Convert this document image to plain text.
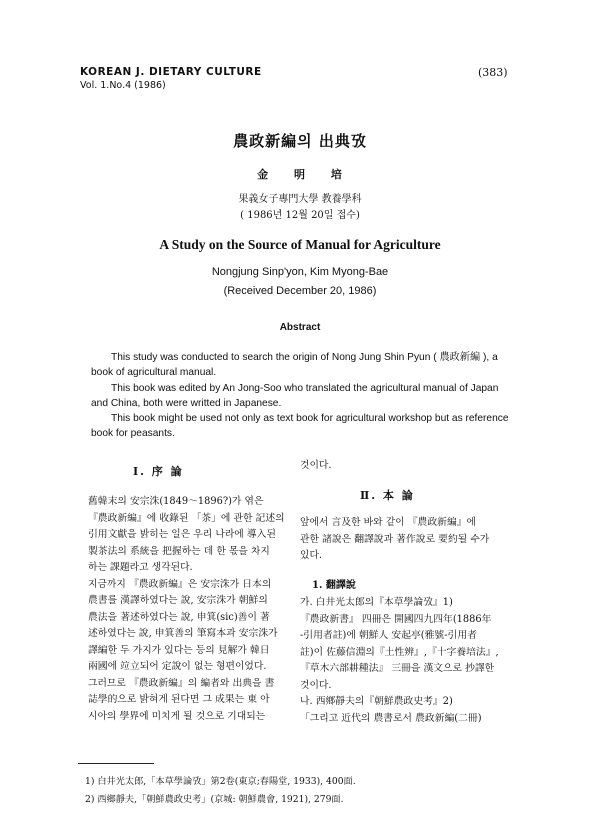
KOREAN J. DIETARY CULTURE
Vol. 1.No.4 (1986)
(383)
農政新編의 出典攷
金 明 培
果義女子專門大學 教養學科
( 1986년 12월 20일 접수)
A Study on the Source of Manual for Agriculture
Nongjung Sinp'yon, Kim Myong-Bae
(Received December 20, 1986)
Abstract

This study was conducted to search the origin of Nong Jung Shin Pyun ( 農政新編 ), a book of agricultural manual.

This book was edited by An Jong-Soo who translated the agricultural manual of Japan and China, both were writted in Japanese.

This book might be used not only as text book for agricultural workshop but as reference book for peasants.

Ⅰ. 序 論
舊韓末의 安宗洙(1849～1896?)가 엮은
『農政新編』에 收錄된 「茶」에 관한 記述의
引用文獻을 밝히는 일은 우리 나라에 導入된
製茶法의 系統을 把握하는 데 한 몫을 차지
하는 課題라고 생각된다.
지금까지 『農政新編』은 安宗洙가 日本의
農書를 漢譯하였다는 說, 安宗洙가 朝鮮의
農法을 著述하였다는 說, 申箕(sic)善이 著
述하였다는 說, 申箕善의 筆寫本과 安宗洙가
譯編한 두 가지가 있다는 등의 見解가 韓日
兩國에 竝立되어 定說이 없는 형편이었다.
그러므로 『農政新編』의 編者와 出典을 書
誌學的으로 밝혀게 된다면 그 成果는 東 아
시아의 學界에 미치게 될 것으로 기대되는
것이다.
Ⅱ. 本 論
앞에서 言及한 바와 같이 『農政新編』에
관한 諸說은 翻譯說과 著作說로 要約될 수가
있다.
1. 翻譯說
가. 白井光太郎의『本草學論攷』1)
『農政新書』 四冊은 開國四九四年(1886年
-引用者註)에 朝鮮人 安起亭(雅號-引用者
註)이 佐藤信淵의『土性辨』,『十字養培法』,
『草木六部耕種法』 三冊을 漢文으로 抄譯한
것이다.
나. 西鄉靜夫의『朝鮮農政史考』2)
「그리고 近代의 農書로서 農政新編(二冊)
1) 白井光太郎,「本草學論攷」第2卷(東京;春陽堂, 1933), 400面.
2) 西鄉靜夫,「朝鮮農政史考」(京城: 朝鮮農會, 1921), 279面.
